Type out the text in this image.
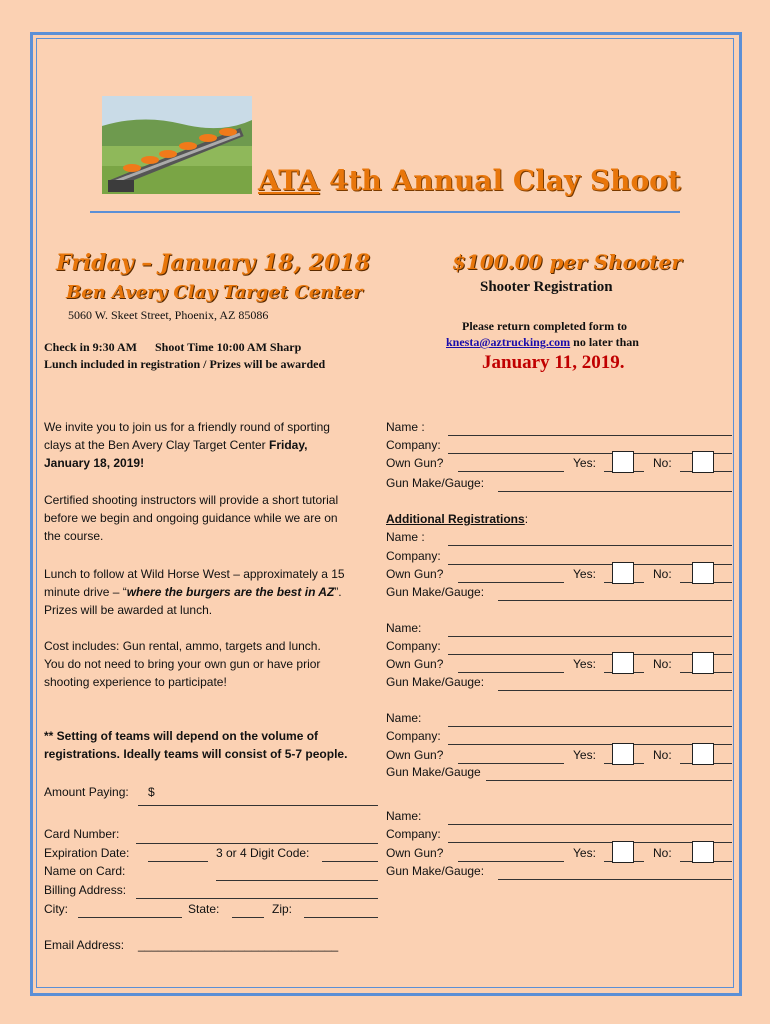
ATA 4th Annual Clay Shoot
Friday – January 18, 2018
Ben Avery Clay Target Center
5060 W. Skeet Street, Phoenix, AZ 85086
Check in 9:30 AM      Shoot Time 10:00 AM Sharp
Lunch included in registration / Prizes will be awarded
$100.00 per Shooter
Shooter Registration
Please return completed form to
knesta@aztrucking.com no later than
January 11, 2019.
We invite you to join us for a friendly round of sporting
clays at the Ben Avery Clay Target Center Friday,
January 18, 2019!
Certified shooting instructors will provide a short tutorial
before we begin and ongoing guidance while we are on
the course.
Lunch to follow at Wild Horse West – approximately a 15
minute drive – “where the burgers are the best in AZ”.
Prizes will be awarded at lunch.
Cost includes: Gun rental, ammo, targets and lunch.
You do not need to bring your own gun or have prior
shooting experience to participate!
** Setting of teams will depend on the volume of
registrations. Ideally teams will consist of 5-7 people.
Amount Paying: $
Card Number:
Expiration Date:	3 or 4 Digit Code:
Name on Card:
Billing Address:
City:	State:	Zip:
Email Address: ______________________________
Name :
Company:
Own Gun?	Yes:	No:
Gun Make/Gauge:
Additional Registrations:
Name :
Company:
Own Gun?	Yes:	No:
Gun Make/Gauge:
Name:
Company:
Own Gun?	Yes:	No:
Gun Make/Gauge:
Name:
Company:
Own Gun?	Yes:	No:
Gun Make/Gauge
Name:
Company:
Own Gun?	Yes:	No:
Gun Make/Gauge:
